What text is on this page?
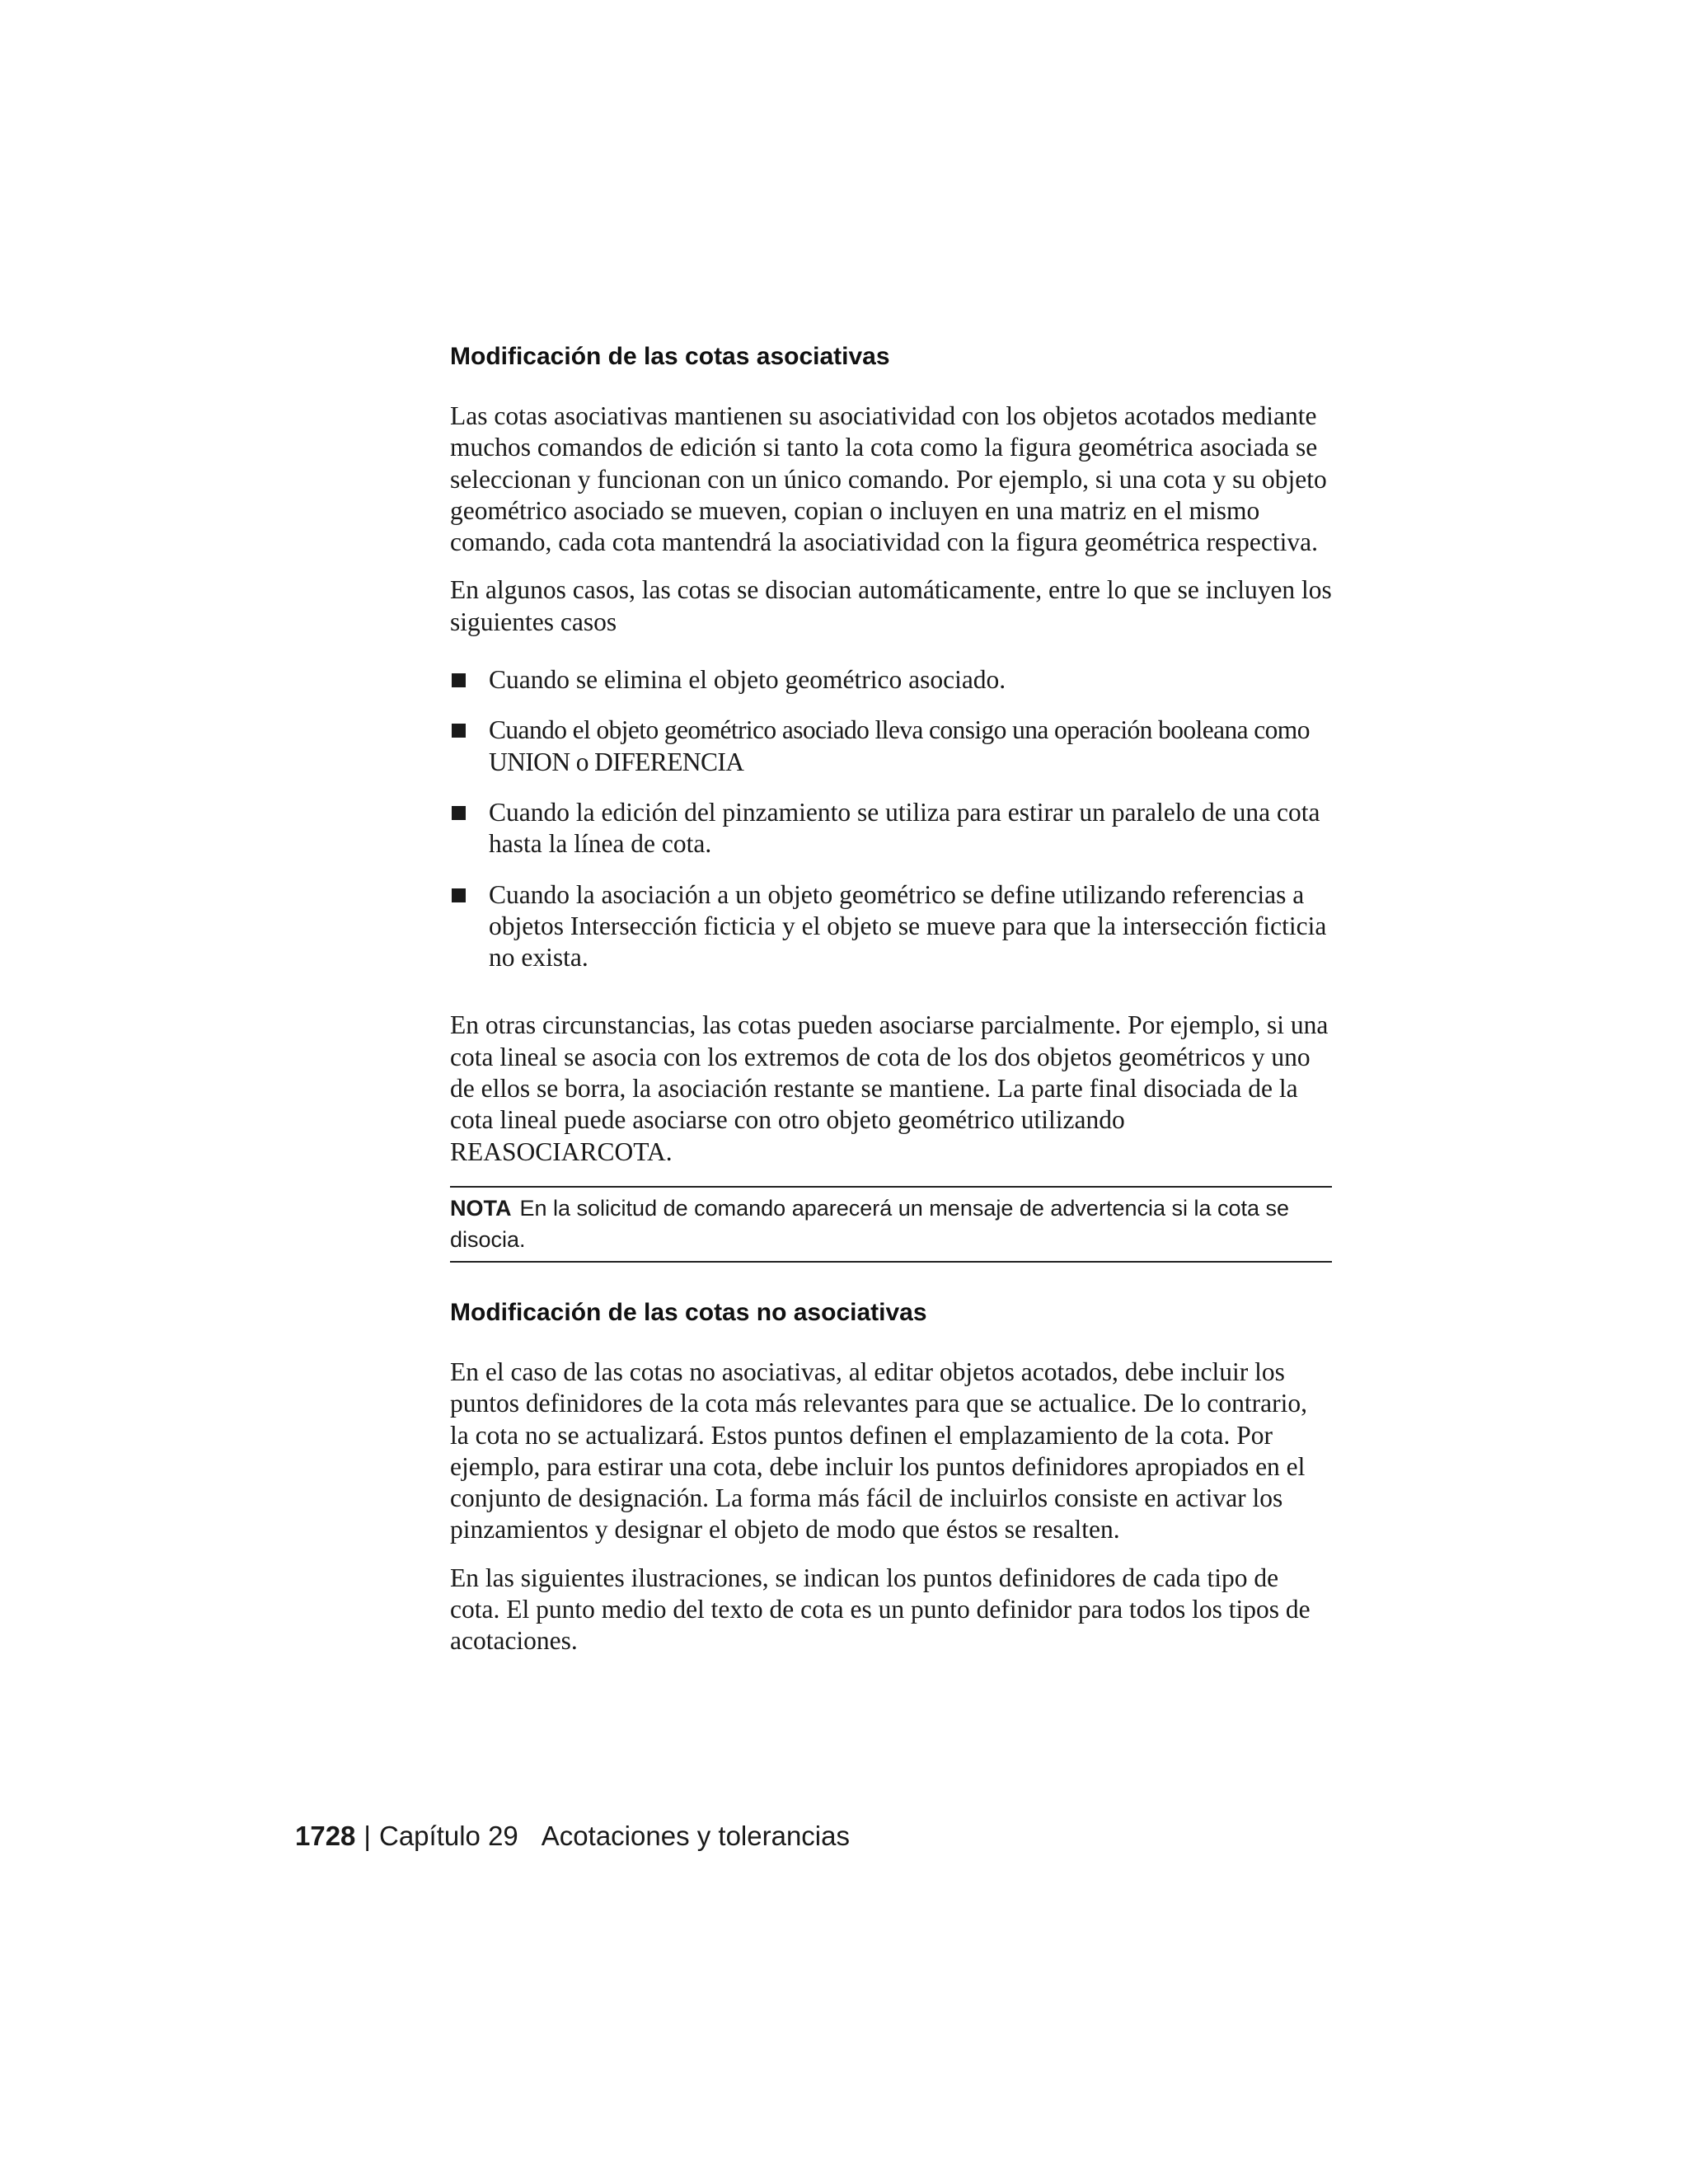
Modificación de las cotas asociativas

Las cotas asociativas mantienen su asociatividad con los objetos acotados mediante muchos comandos de edición si tanto la cota como la figura geométrica asociada se seleccionan y funcionan con un único comando. Por ejemplo, si una cota y su objeto geométrico asociado se mueven, copian o incluyen en una matriz en el mismo comando, cada cota mantendrá la asociatividad con la figura geométrica respectiva.

En algunos casos, las cotas se disocian automáticamente, entre lo que se incluyen los siguientes casos

Cuando se elimina el objeto geométrico asociado.
Cuando el objeto geométrico asociado lleva consigo una operación booleana como UNION o DIFERENCIA
Cuando la edición del pinzamiento se utiliza para estirar un paralelo de una cota hasta la línea de cota.
Cuando la asociación a un objeto geométrico se define utilizando referencias a objetos Intersección ficticia y el objeto se mueve para que la intersección ficticia no exista.

En otras circunstancias, las cotas pueden asociarse parcialmente. Por ejemplo, si una cota lineal se asocia con los extremos de cota de los dos objetos geométricos y uno de ellos se borra, la asociación restante se mantiene. La parte final disociada de la cota lineal puede asociarse con otro objeto geométrico utilizando REASOCIARCOTA.

NOTA En la solicitud de comando aparecerá un mensaje de advertencia si la cota se disocia.
Modificación de las cotas no asociativas

En el caso de las cotas no asociativas, al editar objetos acotados, debe incluir los puntos definidores de la cota más relevantes para que se actualice. De lo contrario, la cota no se actualizará. Estos puntos definen el emplazamiento de la cota. Por ejemplo, para estirar una cota, debe incluir los puntos definidores apropiados en el conjunto de designación. La forma más fácil de incluirlos consiste en activar los pinzamientos y designar el objeto de modo que éstos se resalten.

En las siguientes ilustraciones, se indican los puntos definidores de cada tipo de cota. El punto medio del texto de cota es un punto definidor para todos los tipos de acotaciones.

1728 | Capítulo 29 Acotaciones y tolerancias
